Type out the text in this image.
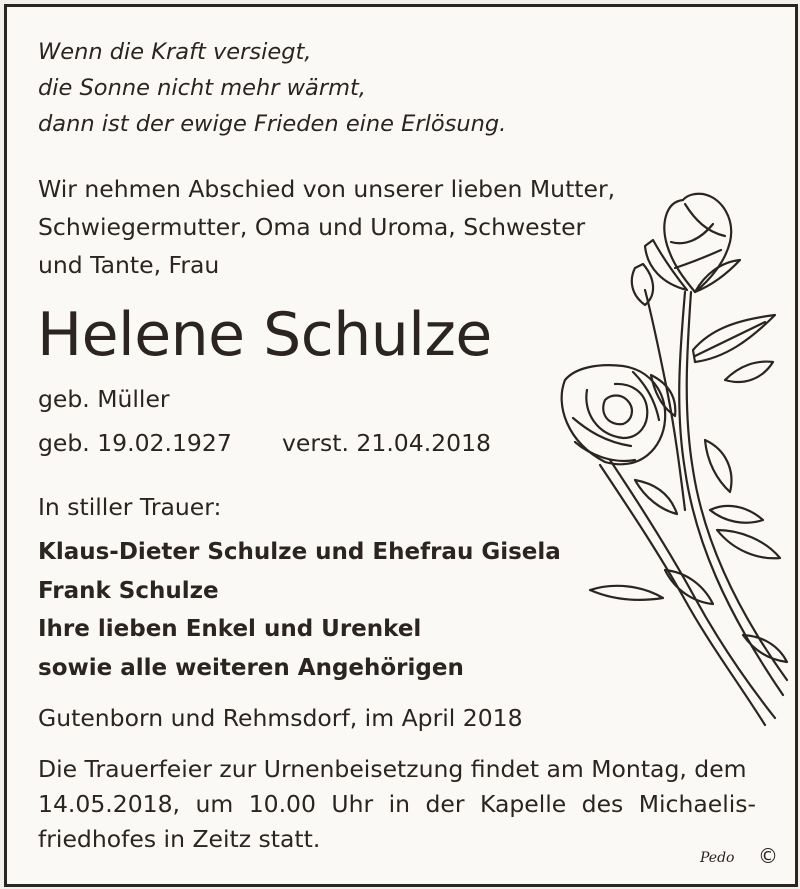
Wenn die Kraft versiegt,
die Sonne nicht mehr wärmt,
dann ist der ewige Frieden eine Erlösung.
Wir nehmen Abschied von unserer lieben Mutter,
Schwiegermutter, Oma und Uroma, Schwester
und Tante, Frau
Helene Schulze
geb. Müller
geb. 19.02.1927 verst. 21.04.2018
In stiller Trauer:
Klaus-Dieter Schulze und Ehefrau Gisela
Frank Schulze
Ihre lieben Enkel und Urenkel
sowie alle weiteren Angehörigen
Gutenborn und Rehmsdorf, im April 2018
Die Trauerfeier zur Urnenbeisetzung findet am Montag, dem
14.05.2018, um 10.00 Uhr in der Kapelle des Michaelis-
friedhofes in Zeitz statt.
Pedo ©
